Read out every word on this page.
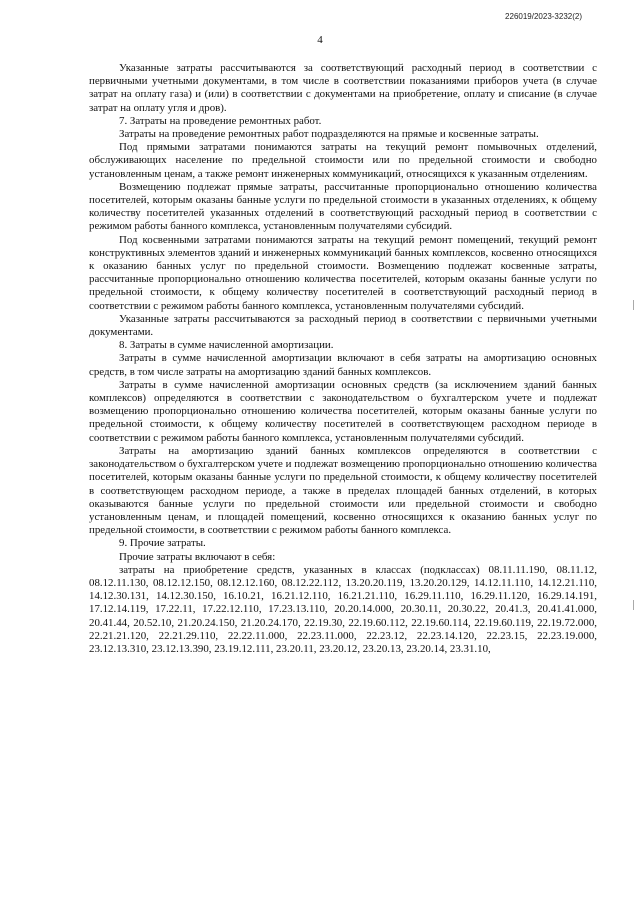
226019/2023-3232(2)
4

Указанные затраты рассчитываются за соответствующий расходный период в соответствии с первичными учетными документами, в том числе в соответствии показаниями приборов учета (в случае затрат на оплату газа) и (или) в соответствии с документами на приобретение, оплату и списание (в случае затрат на оплату угля и дров).

7. Затраты на проведение ремонтных работ.

Затраты на проведение ремонтных работ подразделяются на прямые и косвенные затраты.

Под прямыми затратами понимаются затраты на текущий ремонт помывочных отделений, обслуживающих население по предельной стоимости или по предельной стоимости и свободно установленным ценам, а также ремонт инженерных коммуникаций, относящихся к указанным отделениям.

Возмещению подлежат прямые затраты, рассчитанные пропорционально отношению количества посетителей, которым оказаны банные услуги по предельной стоимости в указанных отделениях, к общему количеству посетителей указанных отделений в соответствующий расходный период в соответствии с режимом работы банного комплекса, установленным получателями субсидий.

Под косвенными затратами понимаются затраты на текущий ремонт помещений, текущий ремонт конструктивных элементов зданий и инженерных коммуникаций банных комплексов, косвенно относящихся к оказанию банных услуг по предельной стоимости. Возмещению подлежат косвенные затраты, рассчитанные пропорционально отношению количества посетителей, которым оказаны банные услуги по предельной стоимости, к общему количеству посетителей в соответствующий расходный период в соответствии с режимом работы банного комплекса, установленным получателями субсидий.

Указанные затраты рассчитываются за расходный период в соответствии с первичными учетными документами.

8. Затраты в сумме начисленной амортизации.

Затраты в сумме начисленной амортизации включают в себя затраты на амортизацию основных средств, в том числе затраты на амортизацию зданий банных комплексов.

Затраты в сумме начисленной амортизации основных средств (за исключением зданий банных комплексов) определяются в соответствии с законодательством о бухгалтерском учете и подлежат возмещению пропорционально отношению количества посетителей, которым оказаны банные услуги по предельной стоимости, к общему количеству посетителей в соответствующем расходном периоде в соответствии с режимом работы банного комплекса, установленным получателями субсидий.

Затраты на амортизацию зданий банных комплексов определяются в соответствии с законодательством о бухгалтерском учете и подлежат возмещению пропорционально отношению количества посетителей, которым оказаны банные услуги по предельной стоимости, к общему количеству посетителей в соответствующем расходном периоде, а также в пределах площадей банных отделений, в которых оказываются банные услуги по предельной стоимости или предельной стоимости и свободно установленным ценам, и площадей помещений, косвенно относящихся к оказанию банных услуг по предельной стоимости, в соответствии с режимом работы банного комплекса.

9. Прочие затраты.

Прочие затраты включают в себя:

затраты на приобретение средств, указанных в классах (подклассах) 08.11.11.190, 08.11.12, 08.12.11.130, 08.12.12.150, 08.12.12.160, 08.12.22.112, 13.20.20.119, 13.20.20.129, 14.12.11.110, 14.12.21.110, 14.12.30.131, 14.12.30.150, 16.10.21, 16.21.12.110, 16.21.21.110, 16.29.11.110, 16.29.11.120, 16.29.14.191, 17.12.14.119, 17.22.11, 17.22.12.110, 17.23.13.110, 20.20.14.000, 20.30.11, 20.30.22, 20.41.3, 20.41.41.000, 20.41.44, 20.52.10, 21.20.24.150, 21.20.24.170, 22.19.30, 22.19.60.112, 22.19.60.114, 22.19.60.119, 22.19.72.000, 22.21.21.120, 22.21.29.110, 22.22.11.000, 22.23.11.000, 22.23.12, 22.23.14.120, 22.23.15, 22.23.19.000, 23.12.13.310, 23.12.13.390, 23.19.12.111, 23.20.11, 23.20.12, 23.20.13, 23.20.14, 23.31.10,
